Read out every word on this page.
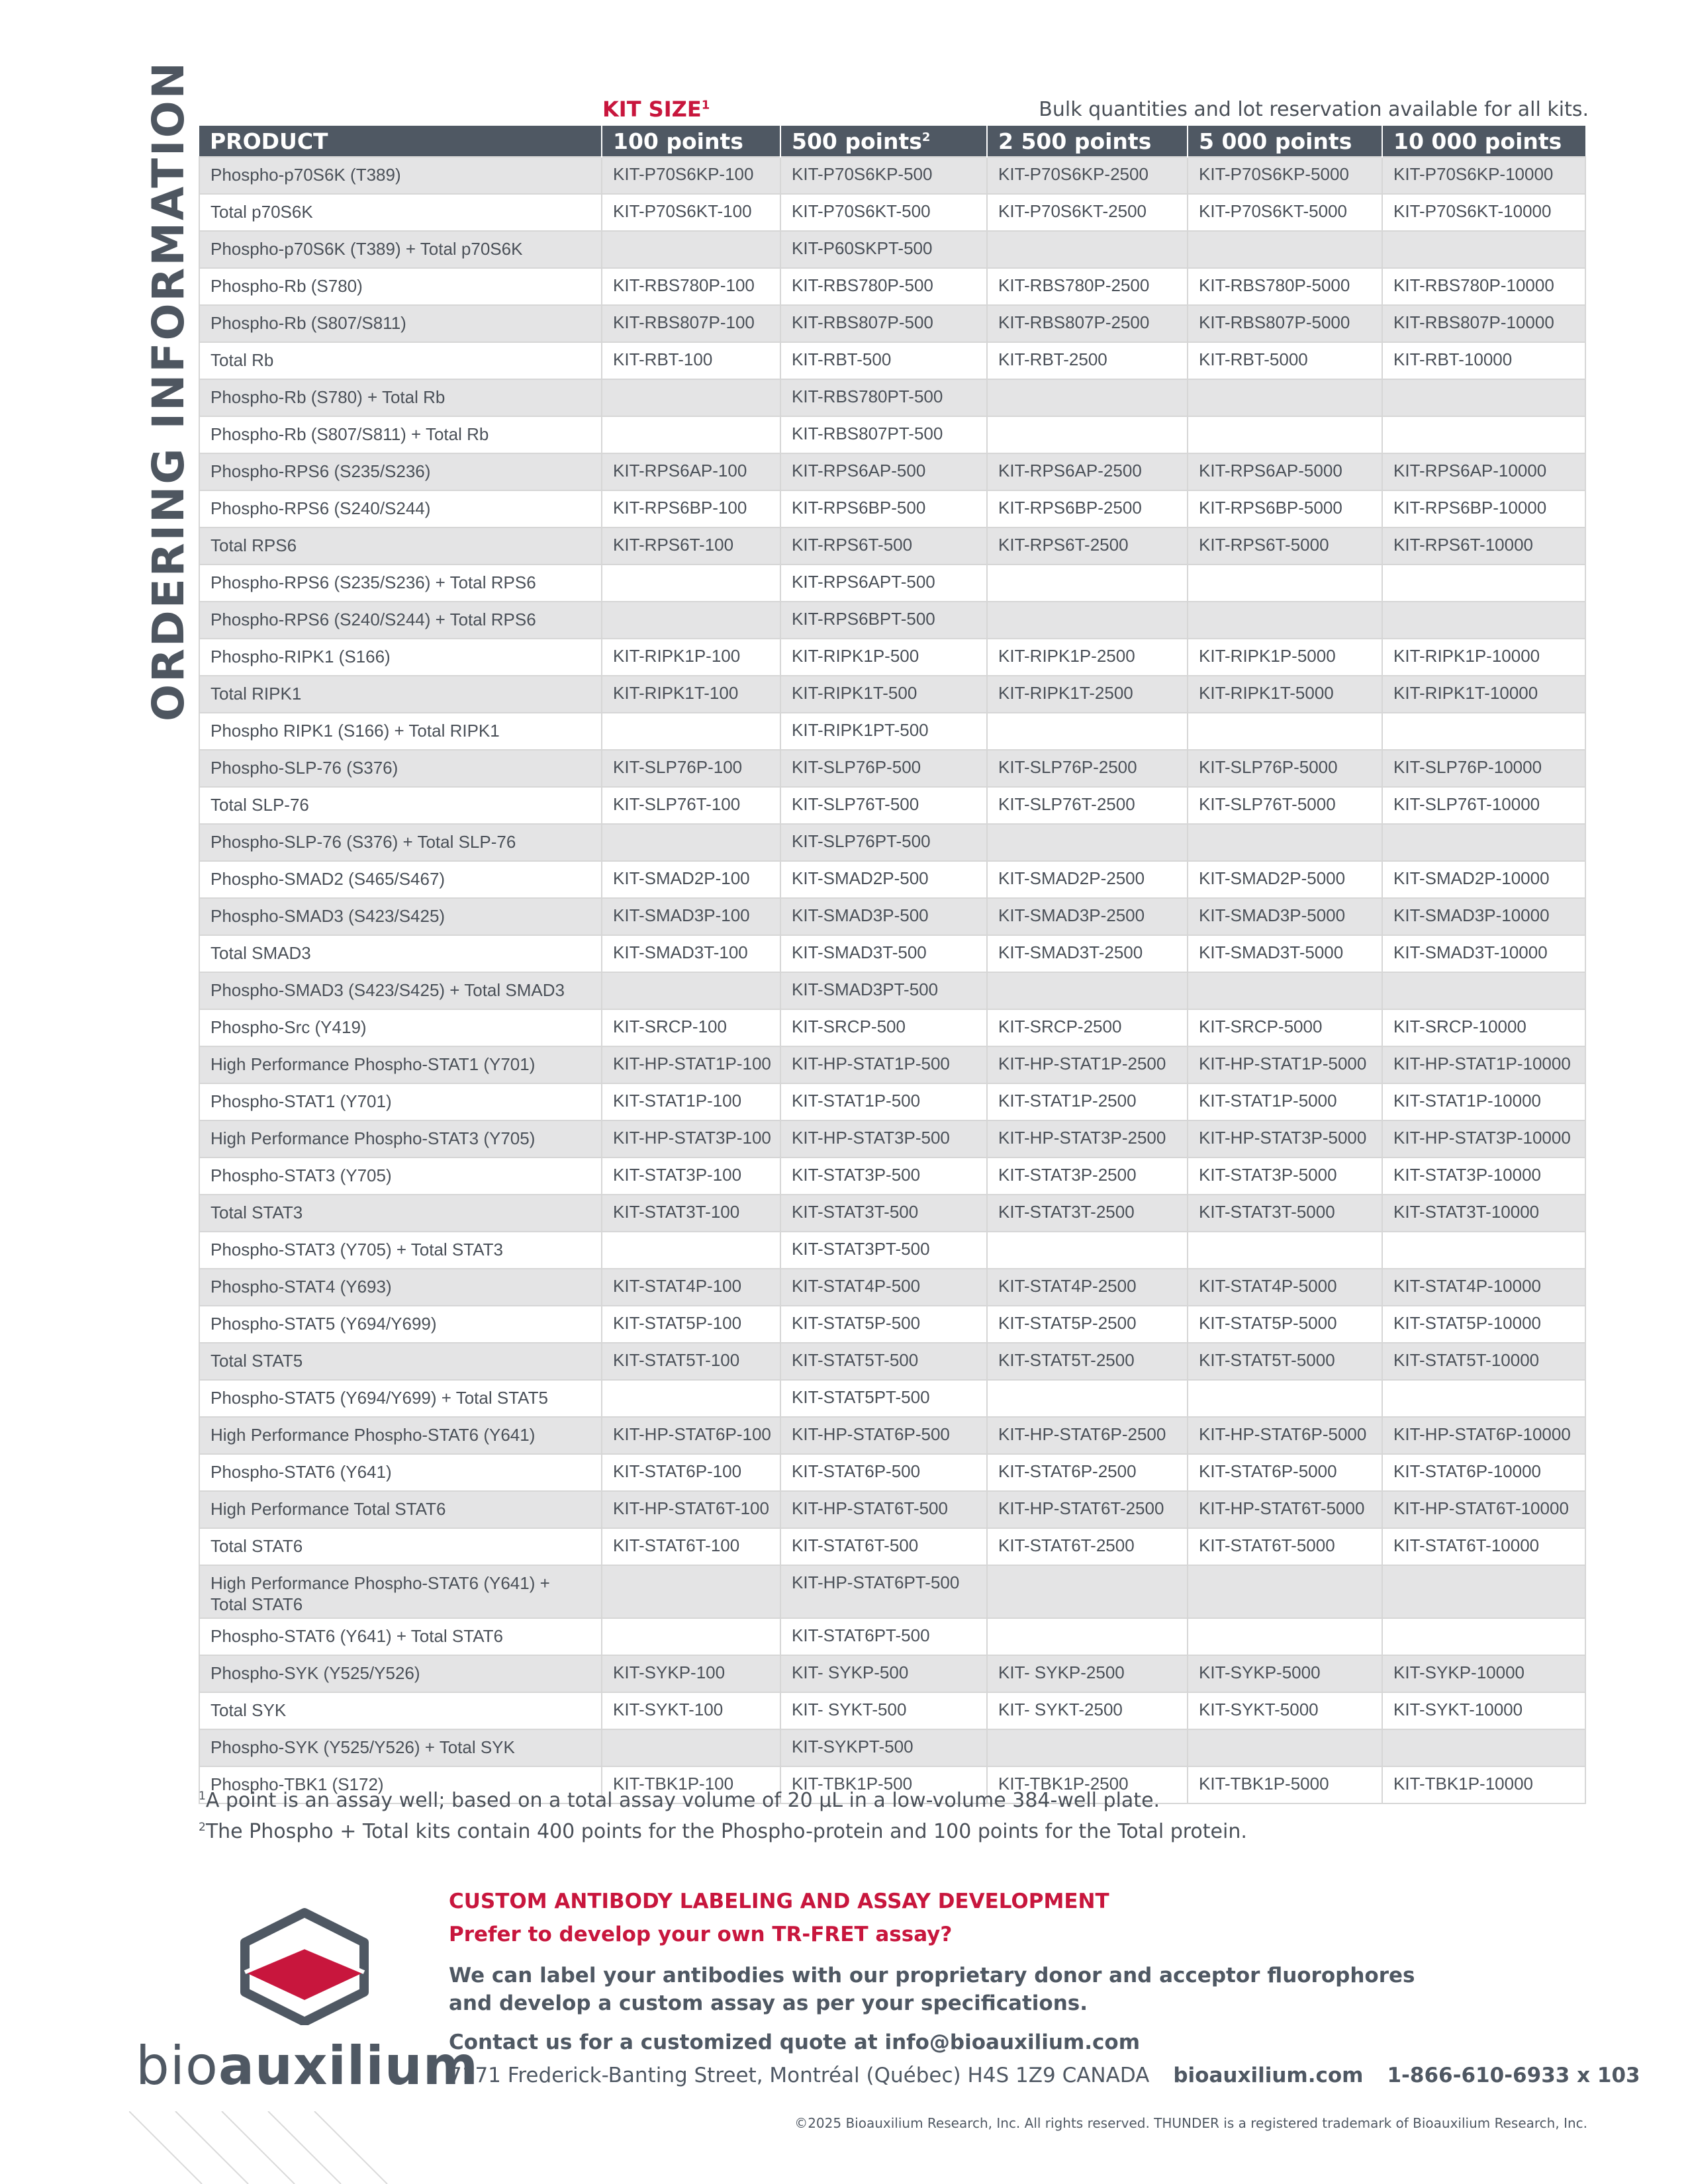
ORDERING INFORMATION	KIT SIZE$^1$	Bulk quantities and lot reservation available for all kits.
PRODUCT	100 points	500 points$^2$	2 500 points	5 000 points	10 000 points
Phospho-p70S6K (T389)	KIT-P70S6KP-100	KIT-P70S6KP-500	KIT-P70S6KP-2500	KIT-P70S6KP-5000	KIT-P70S6KP-10000
Total p70S6K	KIT-P70S6KT-100	KIT-P70S6KT-500	KIT-P70S6KT-2500	KIT-P70S6KT-5000	KIT-P70S6KT-10000
Phospho-p70S6K (T389) + Total p70S6K		KIT-P60SKPT-500			
Phospho-Rb (S780)	KIT-RBS780P-100	KIT-RBS780P-500	KIT-RBS780P-2500	KIT-RBS780P-5000	KIT-RBS780P-10000
Phospho-Rb (S807/S811)	KIT-RBS807P-100	KIT-RBS807P-500	KIT-RBS807P-2500	KIT-RBS807P-5000	KIT-RBS807P-10000
Total Rb	KIT-RBT-100	KIT-RBT-500	KIT-RBT-2500	KIT-RBT-5000	KIT-RBT-10000
Phospho-Rb (S780) + Total Rb		KIT-RBS780PT-500			
Phospho-Rb (S807/S811) + Total Rb		KIT-RBS807PT-500			
Phospho-RPS6 (S235/S236)	KIT-RPS6AP-100	KIT-RPS6AP-500	KIT-RPS6AP-2500	KIT-RPS6AP-5000	KIT-RPS6AP-10000
Phospho-RPS6 (S240/S244)	KIT-RPS6BP-100	KIT-RPS6BP-500	KIT-RPS6BP-2500	KIT-RPS6BP-5000	KIT-RPS6BP-10000
Total RPS6	KIT-RPS6T-100	KIT-RPS6T-500	KIT-RPS6T-2500	KIT-RPS6T-5000	KIT-RPS6T-10000
Phospho-RPS6 (S235/S236) + Total RPS6		KIT-RPS6APT-500			
Phospho-RPS6 (S240/S244) + Total RPS6		KIT-RPS6BPT-500			
Phospho-RIPK1 (S166)	KIT-RIPK1P-100	KIT-RIPK1P-500	KIT-RIPK1P-2500	KIT-RIPK1P-5000	KIT-RIPK1P-10000
Total RIPK1	KIT-RIPK1T-100	KIT-RIPK1T-500	KIT-RIPK1T-2500	KIT-RIPK1T-5000	KIT-RIPK1T-10000
Phospho RIPK1 (S166) + Total RIPK1		KIT-RIPK1PT-500			
Phospho-SLP-76 (S376)	KIT-SLP76P-100	KIT-SLP76P-500	KIT-SLP76P-2500	KIT-SLP76P-5000	KIT-SLP76P-10000
Total SLP-76	KIT-SLP76T-100	KIT-SLP76T-500	KIT-SLP76T-2500	KIT-SLP76T-5000	KIT-SLP76T-10000
Phospho-SLP-76 (S376) + Total SLP-76		KIT-SLP76PT-500			
Phospho-SMAD2 (S465/S467)	KIT-SMAD2P-100	KIT-SMAD2P-500	KIT-SMAD2P-2500	KIT-SMAD2P-5000	KIT-SMAD2P-10000
Phospho-SMAD3 (S423/S425)	KIT-SMAD3P-100	KIT-SMAD3P-500	KIT-SMAD3P-2500	KIT-SMAD3P-5000	KIT-SMAD3P-10000
Total SMAD3	KIT-SMAD3T-100	KIT-SMAD3T-500	KIT-SMAD3T-2500	KIT-SMAD3T-5000	KIT-SMAD3T-10000
Phospho-SMAD3 (S423/S425) + Total SMAD3		KIT-SMAD3PT-500			
Phospho-Src (Y419)	KIT-SRCP-100	KIT-SRCP-500	KIT-SRCP-2500	KIT-SRCP-5000	KIT-SRCP-10000
High Performance Phospho-STAT1 (Y701)	KIT-HP-STAT1P-100	KIT-HP-STAT1P-500	KIT-HP-STAT1P-2500	KIT-HP-STAT1P-5000	KIT-HP-STAT1P-10000
Phospho-STAT1 (Y701)	KIT-STAT1P-100	KIT-STAT1P-500	KIT-STAT1P-2500	KIT-STAT1P-5000	KIT-STAT1P-10000
High Performance Phospho-STAT3 (Y705)	KIT-HP-STAT3P-100	KIT-HP-STAT3P-500	KIT-HP-STAT3P-2500	KIT-HP-STAT3P-5000	KIT-HP-STAT3P-10000
Phospho-STAT3 (Y705)	KIT-STAT3P-100	KIT-STAT3P-500	KIT-STAT3P-2500	KIT-STAT3P-5000	KIT-STAT3P-10000
Total STAT3	KIT-STAT3T-100	KIT-STAT3T-500	KIT-STAT3T-2500	KIT-STAT3T-5000	KIT-STAT3T-10000
Phospho-STAT3 (Y705) + Total STAT3		KIT-STAT3PT-500			
Phospho-STAT4 (Y693)	KIT-STAT4P-100	KIT-STAT4P-500	KIT-STAT4P-2500	KIT-STAT4P-5000	KIT-STAT4P-10000
Phospho-STAT5 (Y694/Y699)	KIT-STAT5P-100	KIT-STAT5P-500	KIT-STAT5P-2500	KIT-STAT5P-5000	KIT-STAT5P-10000
Total STAT5	KIT-STAT5T-100	KIT-STAT5T-500	KIT-STAT5T-2500	KIT-STAT5T-5000	KIT-STAT5T-10000
Phospho-STAT5 (Y694/Y699) + Total STAT5		KIT-STAT5PT-500			
High Performance Phospho-STAT6 (Y641)	KIT-HP-STAT6P-100	KIT-HP-STAT6P-500	KIT-HP-STAT6P-2500	KIT-HP-STAT6P-5000	KIT-HP-STAT6P-10000
Phospho-STAT6 (Y641)	KIT-STAT6P-100	KIT-STAT6P-500	KIT-STAT6P-2500	KIT-STAT6P-5000	KIT-STAT6P-10000
High Performance Total STAT6	KIT-HP-STAT6T-100	KIT-HP-STAT6T-500	KIT-HP-STAT6T-2500	KIT-HP-STAT6T-5000	KIT-HP-STAT6T-10000
Total STAT6	KIT-STAT6T-100	KIT-STAT6T-500	KIT-STAT6T-2500	KIT-STAT6T-5000	KIT-STAT6T-10000
High Performance Phospho-STAT6 (Y641) + Total STAT6		KIT-HP-STAT6PT-500			
Phospho-STAT6 (Y641) + Total STAT6		KIT-STAT6PT-500			
Phospho-SYK (Y525/Y526)	KIT-SYKP-100	KIT- SYKP-500	KIT- SYKP-2500	KIT-SYKP-5000	KIT-SYKP-10000
Total SYK	KIT-SYKT-100	KIT- SYKT-500	KIT- SYKT-2500	KIT-SYKT-5000	KIT-SYKT-10000
Phospho-SYK (Y525/Y526) + Total SYK		KIT-SYKPT-500			
Phospho-TBK1 (S172)	KIT-TBK1P-100	KIT-TBK1P-500	KIT-TBK1P-2500	KIT-TBK1P-5000	KIT-TBK1P-10000
$^1$A point is an assay well; based on a total assay volume of 20 µL in a low-volume 384-well plate.
$^2$The Phospho + Total kits contain 400 points for the Phospho-protein and 100 points for the Total protein.
bioauxilium
CUSTOM ANTIBODY LABELING AND ASSAY DEVELOPMENT
Prefer to develop your own TR-FRET assay?
We can label your antibodies with our proprietary donor and acceptor fluorophores
and develop a custom assay as per your specifications.
Contact us for a customized quote at info@bioauxilium.com
7171 Frederick-Banting Street, Montréal (Québec) H4S 1Z9 CANADA bioauxilium.com 1-866-610-6933 x 103
©2025 Bioauxilium Research, Inc. All rights reserved. THUNDER is a registered trademark of Bioauxilium Research, Inc.
